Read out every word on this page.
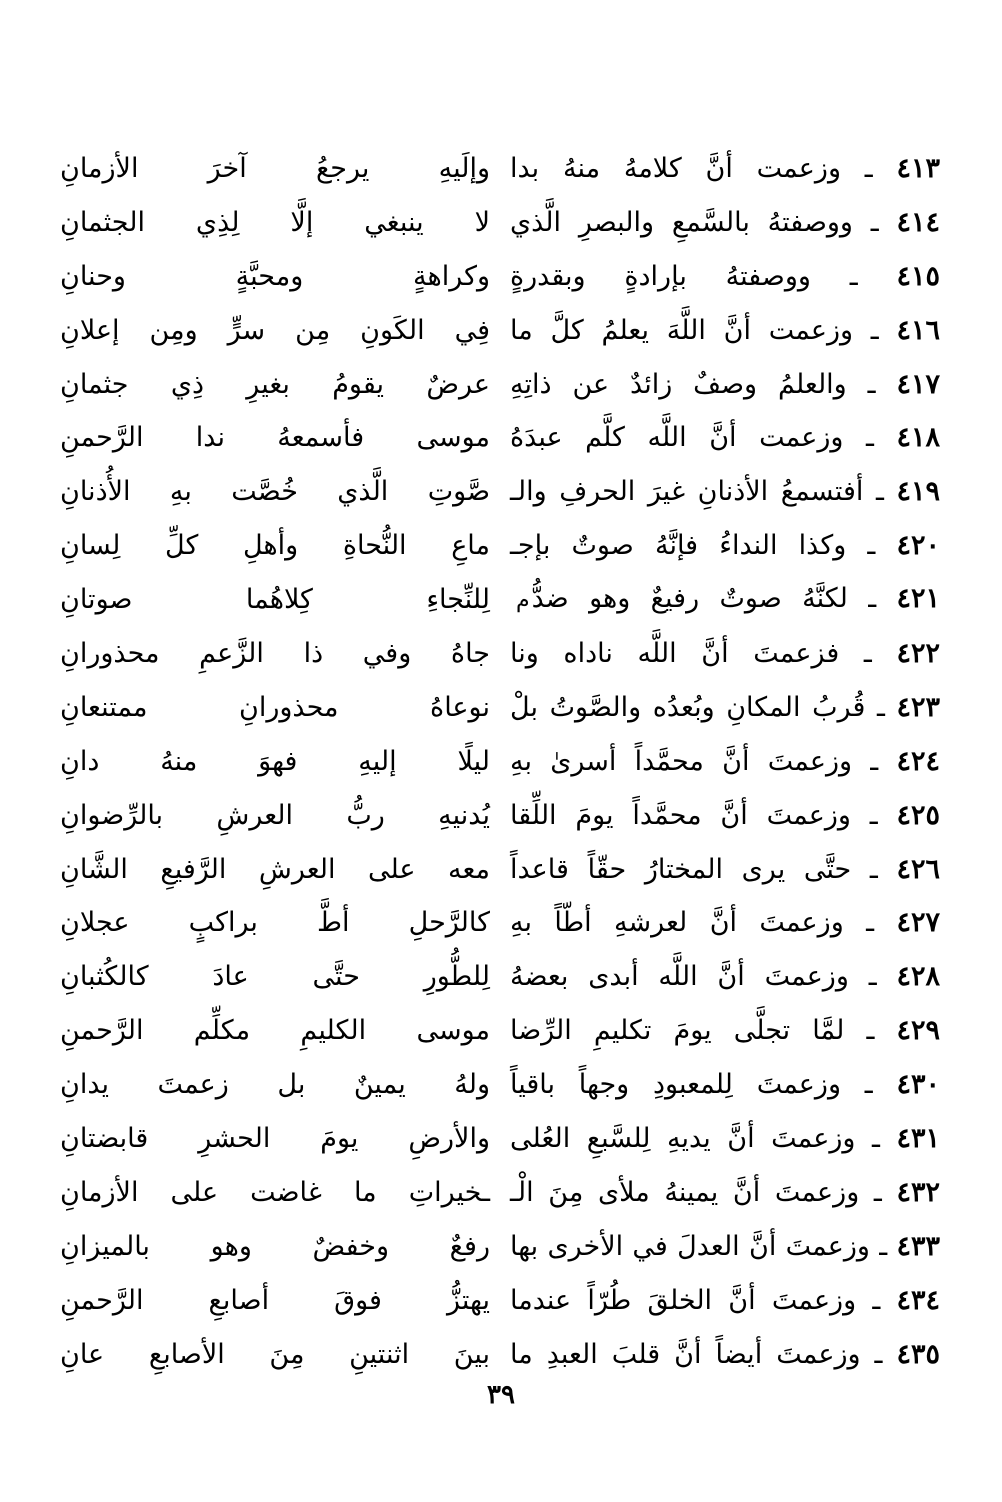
٤١٣ ـ وزعمت أنَّ كلامهُ منهُ بدا
وإلَيهِ يرجعُ آخرَ الأزمانِ
٤١٤ ـ ووصفتهُ بالسَّمعِ والبصرِ الَّذي
لا ينبغي إلَّا لِذِي الجثمانِ
٤١٥ ـ ووصفتهُ بإرادةٍ وبقدرةٍ
وكراهةٍ ومحبَّةٍ وحنانِ
٤١٦ ـ وزعمت أنَّ اللَّهَ يعلمُ كلَّ ما
فِي الكَونِ مِن سرٍّ ومِن إعلانِ
٤١٧ ـ والعلمُ وصفٌ زائدٌ عن ذاتِهِ
عرضٌ يقومُ بغيرِ ذِي جثمانِ
٤١٨ ـ وزعمت أنَّ اللَّه كلَّم عبدَهُ
موسى فأسمعهُ ندا الرَّحمنِ
٤١٩ ـ أفتسمعُ الأذنانِ غيرَ الحرفِ والـ
صَّوتِ الَّذي خُصَّت بهِ الأُذنانِ
٤٢٠ ـ وكذا النداءُ فإنَّهُ صوتٌ بإجـ
ماعِ النُّحاةِ وأهلِ كلِّ لِسانِ
٤٢١ ـ لكنَّهُ صوتٌ رفيعٌ وهو ضدُّم
لِلنِّجاءِ كِلاهُما صوتانِ
٤٢٢ ـ فزعمتَ أنَّ اللَّه ناداه ونا
جاهُ وفي ذا الزَّعمِ محذورانِ
٤٢٣ ـ قُربُ المكانِ وبُعدُه والصَّوتُ بلْ
نوعاهُ محذورانِ ممتنعانِ
٤٢٤ ـ وزعمتَ أنَّ محمَّداً أسرىٰ بهِ
ليلًا إليهِ فهوَ منهُ دانِ
٤٢٥ ـ وزعمتَ أنَّ محمَّداً يومَ اللِّقا
يُدنيهِ ربُّ العرشِ بالرِّضوانِ
٤٢٦ ـ حتَّى يرى المختارُ حقّاً قاعداً
معه على العرشِ الرَّفيعِ الشَّانِ
٤٢٧ ـ وزعمتَ أنَّ لعرشهِ أطّاً بهِ
كالرَّحلِ أطَّ براكبٍ عجلانِ
٤٢٨ ـ وزعمتَ أنَّ اللَّه أبدى بعضهُ
لِلطُّورِ حتَّى عادَ كالكُثبانِ
٤٢٩ ـ لمَّا تجلَّى يومَ تكليمِ الرِّضا
موسى الكليمِ مكلِّم الرَّحمنِ
٤٣٠ ـ وزعمتَ لِلمعبودِ وجهاً باقياً
ولهُ يمينٌ بل زعمتَ يدانِ
٤٣١ ـ وزعمتَ أنَّ يديهِ لِلسَّبعِ العُلى
والأرضِ يومَ الحشرِ قابضتانِ
٤٣٢ ـ وزعمتَ أنَّ يمينهُ ملأى مِنَ الْـ
ـخيراتِ ما غاضت على الأزمانِ
٤٣٣ ـ وزعمتَ أنَّ العدلَ في الأخرى بها
رفعٌ وخفضٌ وهو بالميزانِ
٤٣٤ ـ وزعمتَ أنَّ الخلقَ طُرّاً عندما
يهتزُّ فوقَ أصابعِ الرَّحمنِ
٤٣٥ ـ وزعمتَ أيضاً أنَّ قلبَ العبدِ ما
بينَ اثنتينِ مِنَ الأصابعِ عانِ
٣٩
